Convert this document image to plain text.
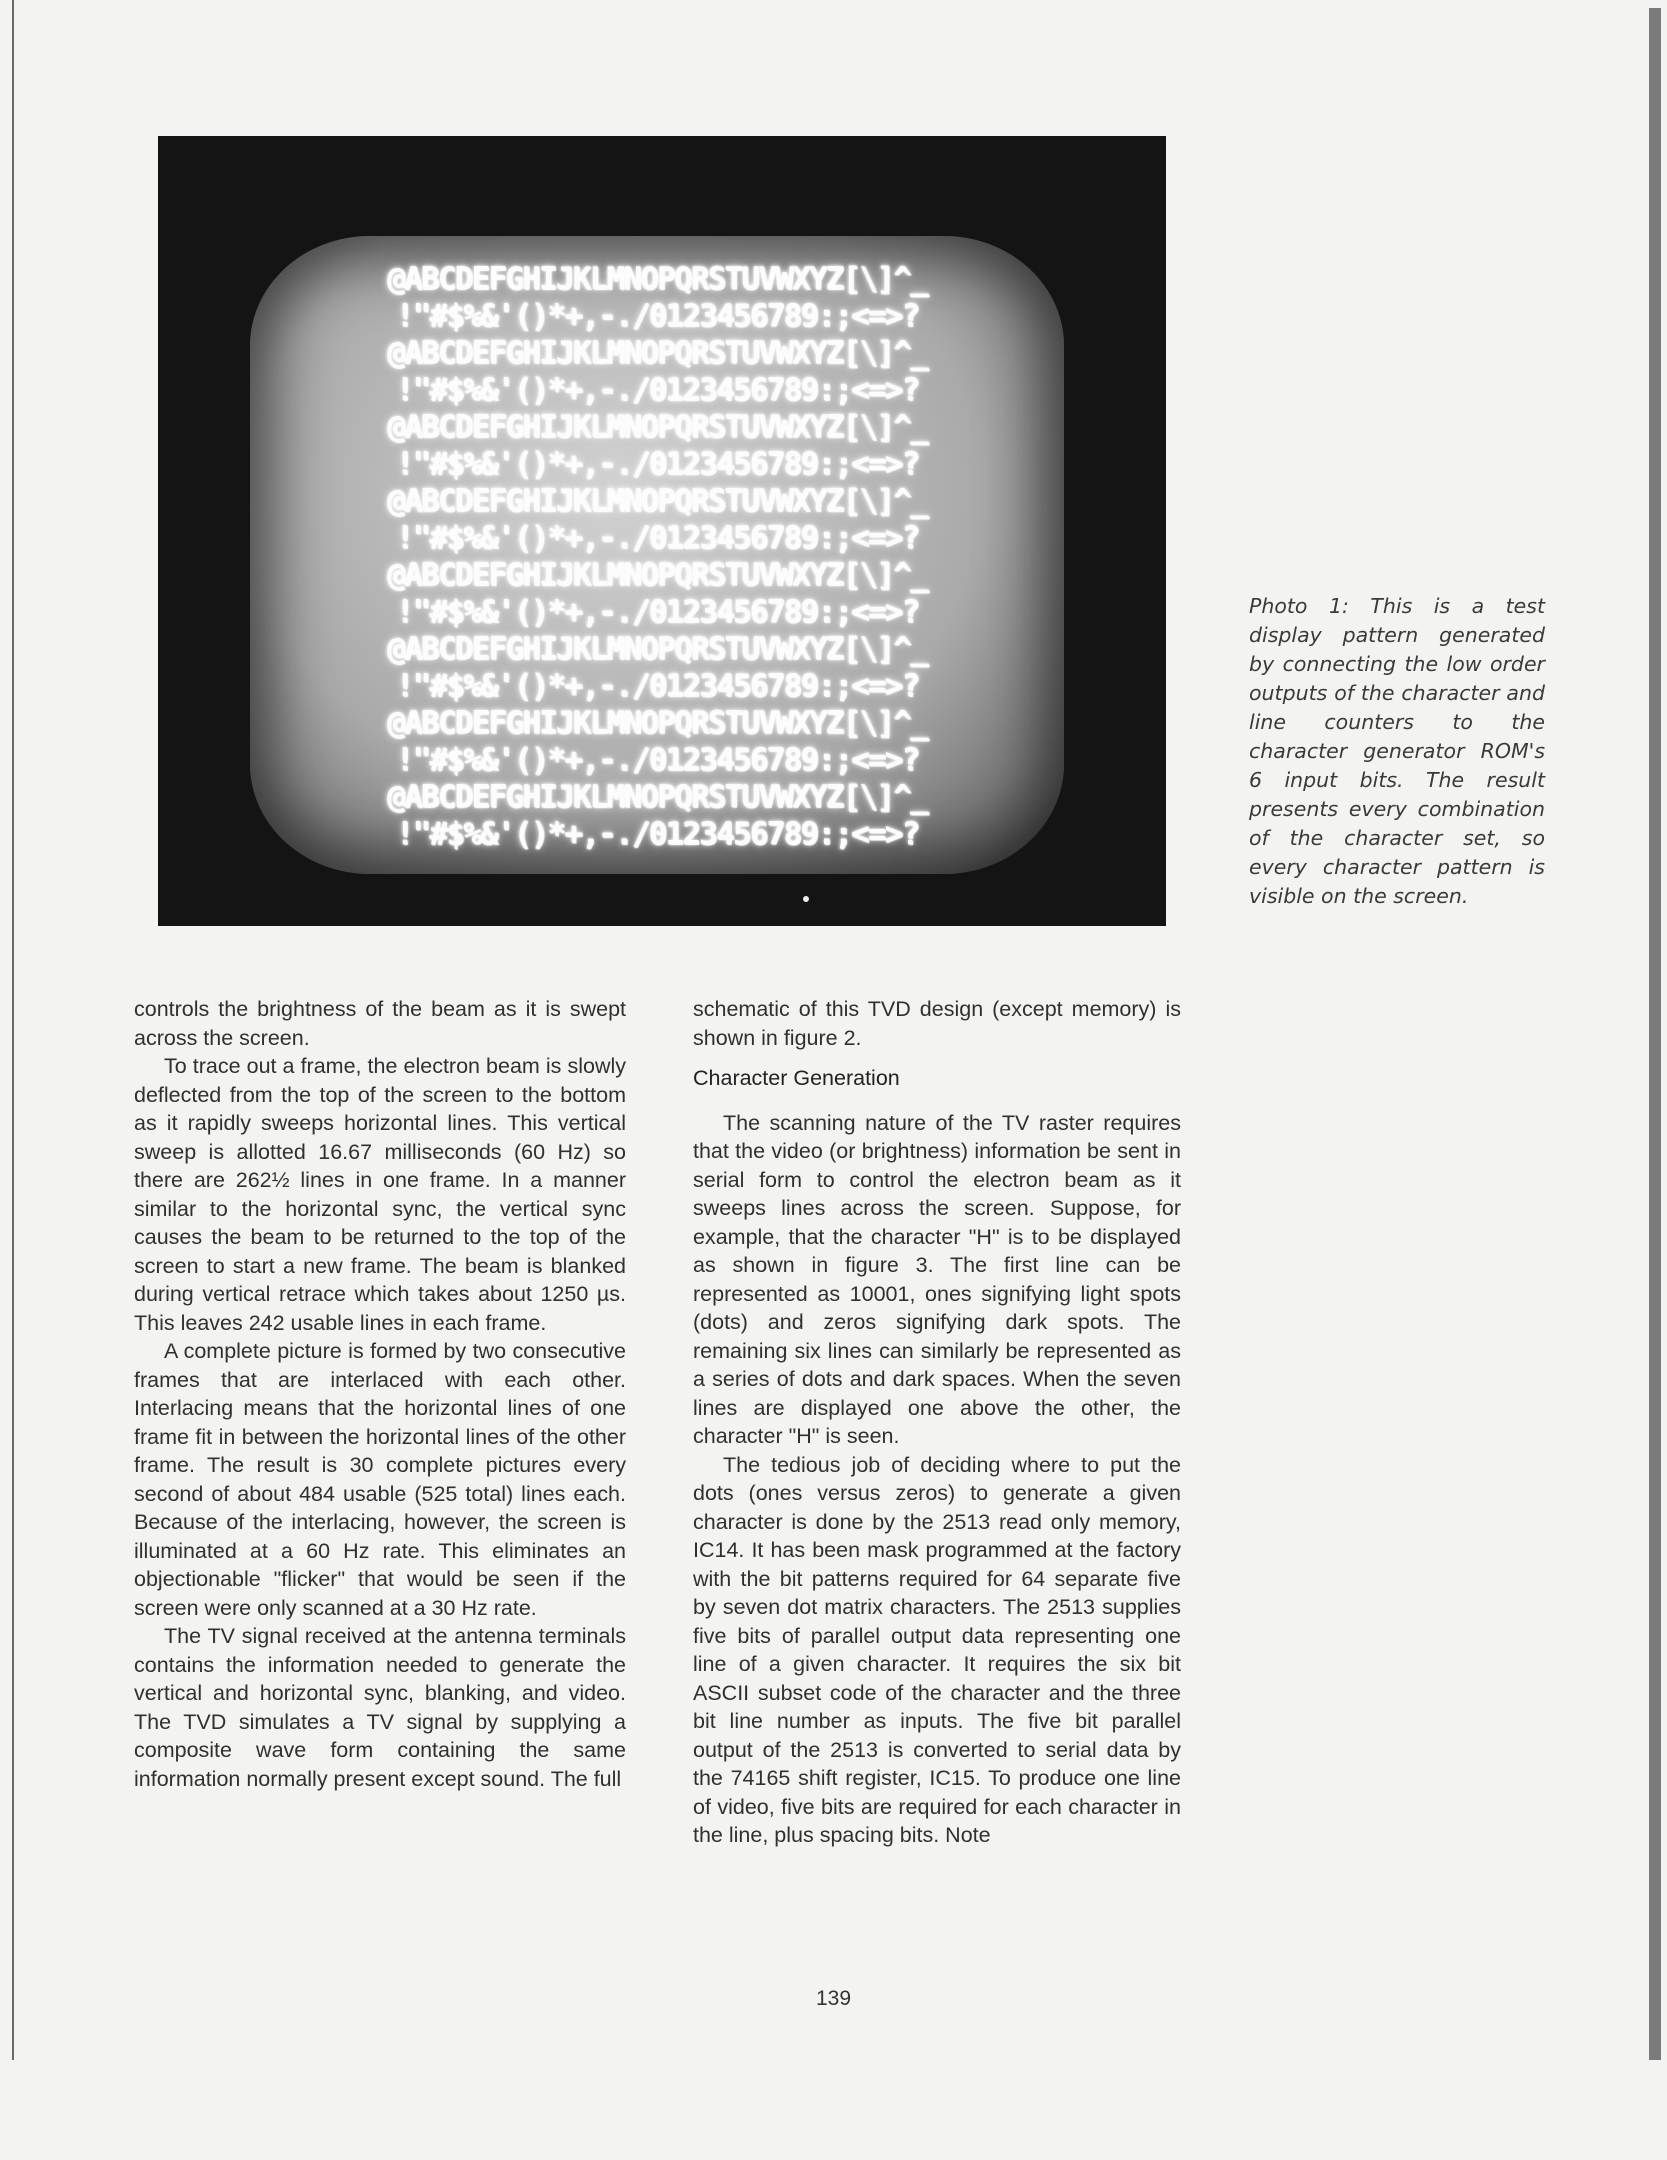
@ABCDEFGHIJKLMNOPQRSTUVWXYZ[\]^_
!"#$%&'()*+,-./0123456789:;<=>?
@ABCDEFGHIJKLMNOPQRSTUVWXYZ[\]^_
!"#$%&'()*+,-./0123456789:;<=>?
@ABCDEFGHIJKLMNOPQRSTUVWXYZ[\]^_
!"#$%&'()*+,-./0123456789:;<=>?
@ABCDEFGHIJKLMNOPQRSTUVWXYZ[\]^_
!"#$%&'()*+,-./0123456789:;<=>?
@ABCDEFGHIJKLMNOPQRSTUVWXYZ[\]^_
!"#$%&'()*+,-./0123456789:;<=>?
@ABCDEFGHIJKLMNOPQRSTUVWXYZ[\]^_
!"#$%&'()*+,-./0123456789:;<=>?
@ABCDEFGHIJKLMNOPQRSTUVWXYZ[\]^_
!"#$%&'()*+,-./0123456789:;<=>?
@ABCDEFGHIJKLMNOPQRSTUVWXYZ[\]^_
!"#$%&'()*+,-./0123456789:;<=>?
Photo 1: This is a test display pattern generated by connecting the low order outputs of the character and line counters to the character generator ROM's 6 input bits. The result presents every combination of the character set, so every character pattern is visible on the screen.

controls the brightness of the beam as it is swept across the screen.

To trace out a frame, the electron beam is slowly deflected from the top of the screen to the bottom as it rapidly sweeps horizontal lines. This vertical sweep is allotted 16.67 milliseconds (60 Hz) so there are 262½ lines in one frame. In a manner similar to the horizontal sync, the vertical sync causes the beam to be returned to the top of the screen to start a new frame. The beam is blanked during vertical retrace which takes about 1250 µs. This leaves 242 usable lines in each frame.

A complete picture is formed by two consecutive frames that are interlaced with each other. Interlacing means that the horizontal lines of one frame fit in between the horizontal lines of the other frame. The result is 30 complete pictures every second of about 484 usable (525 total) lines each. Because of the interlacing, however, the screen is illuminated at a 60 Hz rate. This eliminates an objectionable "flicker" that would be seen if the screen were only scanned at a 30 Hz rate.

The TV signal received at the antenna terminals contains the information needed to generate the vertical and horizontal sync, blanking, and video. The TVD simulates a TV signal by supplying a composite wave form containing the same information normally present except sound. The full

schematic of this TVD design (except memory) is shown in figure 2.

Character Generation

The scanning nature of the TV raster requires that the video (or brightness) information be sent in serial form to control the electron beam as it sweeps lines across the screen. Suppose, for example, that the character "H" is to be displayed as shown in figure 3. The first line can be represented as 10001, ones signifying light spots (dots) and zeros signifying dark spots. The remaining six lines can similarly be represented as a series of dots and dark spaces. When the seven lines are displayed one above the other, the character "H" is seen.

The tedious job of deciding where to put the dots (ones versus zeros) to generate a given character is done by the 2513 read only memory, IC14. It has been mask programmed at the factory with the bit patterns required for 64 separate five by seven dot matrix characters. The 2513 supplies five bits of parallel output data representing one line of a given character. It requires the six bit ASCII subset code of the character and the three bit line number as inputs. The five bit parallel output of the 2513 is converted to serial data by the 74165 shift register, IC15. To produce one line of video, five bits are required for each character in the line, plus spacing bits. Note

139
